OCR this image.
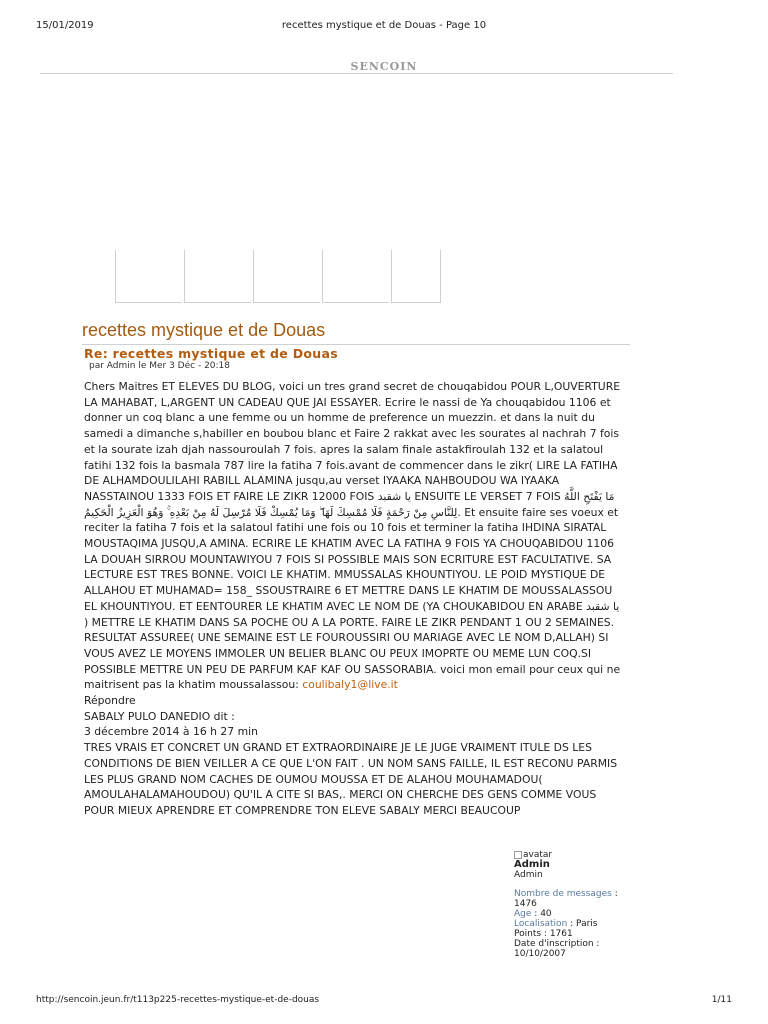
15/01/2019	recettes mystique et de Douas - Page 10
SENCOIN
recettes mystique et de Douas
Re: recettes mystique et de Douas
par Admin le Mer 3 Déc - 20:18

Chers Maitres ET ELEVES DU BLOG, voici un tres grand secret de chouqabidou POUR L,OUVERTURE LA MAHABAT, L,ARGENT UN CADEAU QUE JAI ESSAYER. Ecrire le nassi de Ya chouqabidou 1106 et donner un coq blanc a une femme ou un homme de preference un muezzin. et dans la nuit du samedi a dimanche s,habiller en boubou blanc et Faire 2 rakkat avec les sourates al nachrah 7 fois et la sourate izah djah nassouroulah 7 fois. apres la salam finale astakfiroulah 132 et la salatoul fatihi 132 fois la basmala 787 lire la fatiha 7 fois.avant de commencer dans le zikr( LIRE LA FATIHA DE ALHAMDOULILAHI RABILL ALAMINA jusqu,au verset IYAAKA NAHBOUDOU WA IYAAKA NASSTAINOU 1333 FOIS ET FAIRE LE ZIKR 12000 FOIS يا شقبد ENSUITE LE VERSET 7 FOIS مَا يَفْتَحِ اللَّهُ لِلنَّاسِ مِنْ رَحْمَةٍ فَلَا مُمْسِكَ لَهَا ۖ وَمَا يُمْسِكْ فَلَا مُرْسِلَ لَهُ مِنْ بَعْدِهِ ۚ وَهُوَ الْعَزِيزُ الْحَكِيمُ. Et ensuite faire ses voeux et reciter la fatiha 7 fois et la salatoul fatihi une fois ou 10 fois et terminer la fatiha IHDINA SIRATAL MOUSTAQIMA JUSQU,A AMINA. ECRIRE LE KHATIM AVEC LA FATIHA 9 FOIS YA CHOUQABIDOU 1106 LA DOUAH SIRROU MOUNTAWIYOU 7 FOIS SI POSSIBLE MAIS SON ECRITURE EST FACULTATIVE. SA LECTURE EST TRES BONNE. VOICI LE KHATIM. MMUSSALAS KHOUNTIYOU. LE POID MYSTIQUE DE ALLAHOU ET MUHAMAD= 158_ SSOUSTRAIRE 6 ET METTRE DANS LE KHATIM DE MOUSSALASSOU EL KHOUNTIYOU. ET EENTOURER LE KHATIM AVEC LE NOM DE (YA CHOUKABIDOU EN ARABE يا شقبد ) METTRE LE KHATIM DANS SA POCHE OU A LA PORTE. FAIRE LE ZIKR PENDANT 1 OU 2 SEMAINES. RESULTAT ASSUREE( UNE SEMAINE EST LE FOUROUSSIRI OU MARIAGE AVEC LE NOM D,ALLAH) SI VOUS AVEZ LE MOYENS IMMOLER UN BELIER BLANC OU PEUX IMOPRTE OU MEME LUN COQ.SI POSSIBLE METTRE UN PEU DE PARFUM KAF KAF OU SASSORABIA. voici mon email pour ceux qui ne maitrisent pas la khatim moussalassou: coulibaly1@live.it

Répondre

SABALY PULO DANEDIO dit :

3 décembre 2014 à 16 h 27 min

TRES VRAIS ET CONCRET UN GRAND ET EXTRAORDINAIRE JE LE JUGE VRAIMENT ITULE DS LES CONDITIONS DE BIEN VEILLER A CE QUE L'ON FAIT . UN NOM SANS FAILLE, IL EST RECONU PARMIS LES PLUS GRAND NOM CACHES DE OUMOU MOUSSA ET DE ALAHOU MOUHAMADOU( AMOULAHALAMAHOUDOU) QU'IL A CITE SI BAS,. MERCI ON CHERCHE DES GENS COMME VOUS POUR MIEUX APRENDRE ET COMPRENDRE TON ELEVE SABALY MERCI BEAUCOUP

avatar
Admin
Admin
Nombre de messages :
1476
Age : 40
Localisation : Paris
Points : 1761
Date d'inscription :
10/10/2007
http://sencoin.jeun.fr/t113p225-recettes-mystique-et-de-douas	1/11
